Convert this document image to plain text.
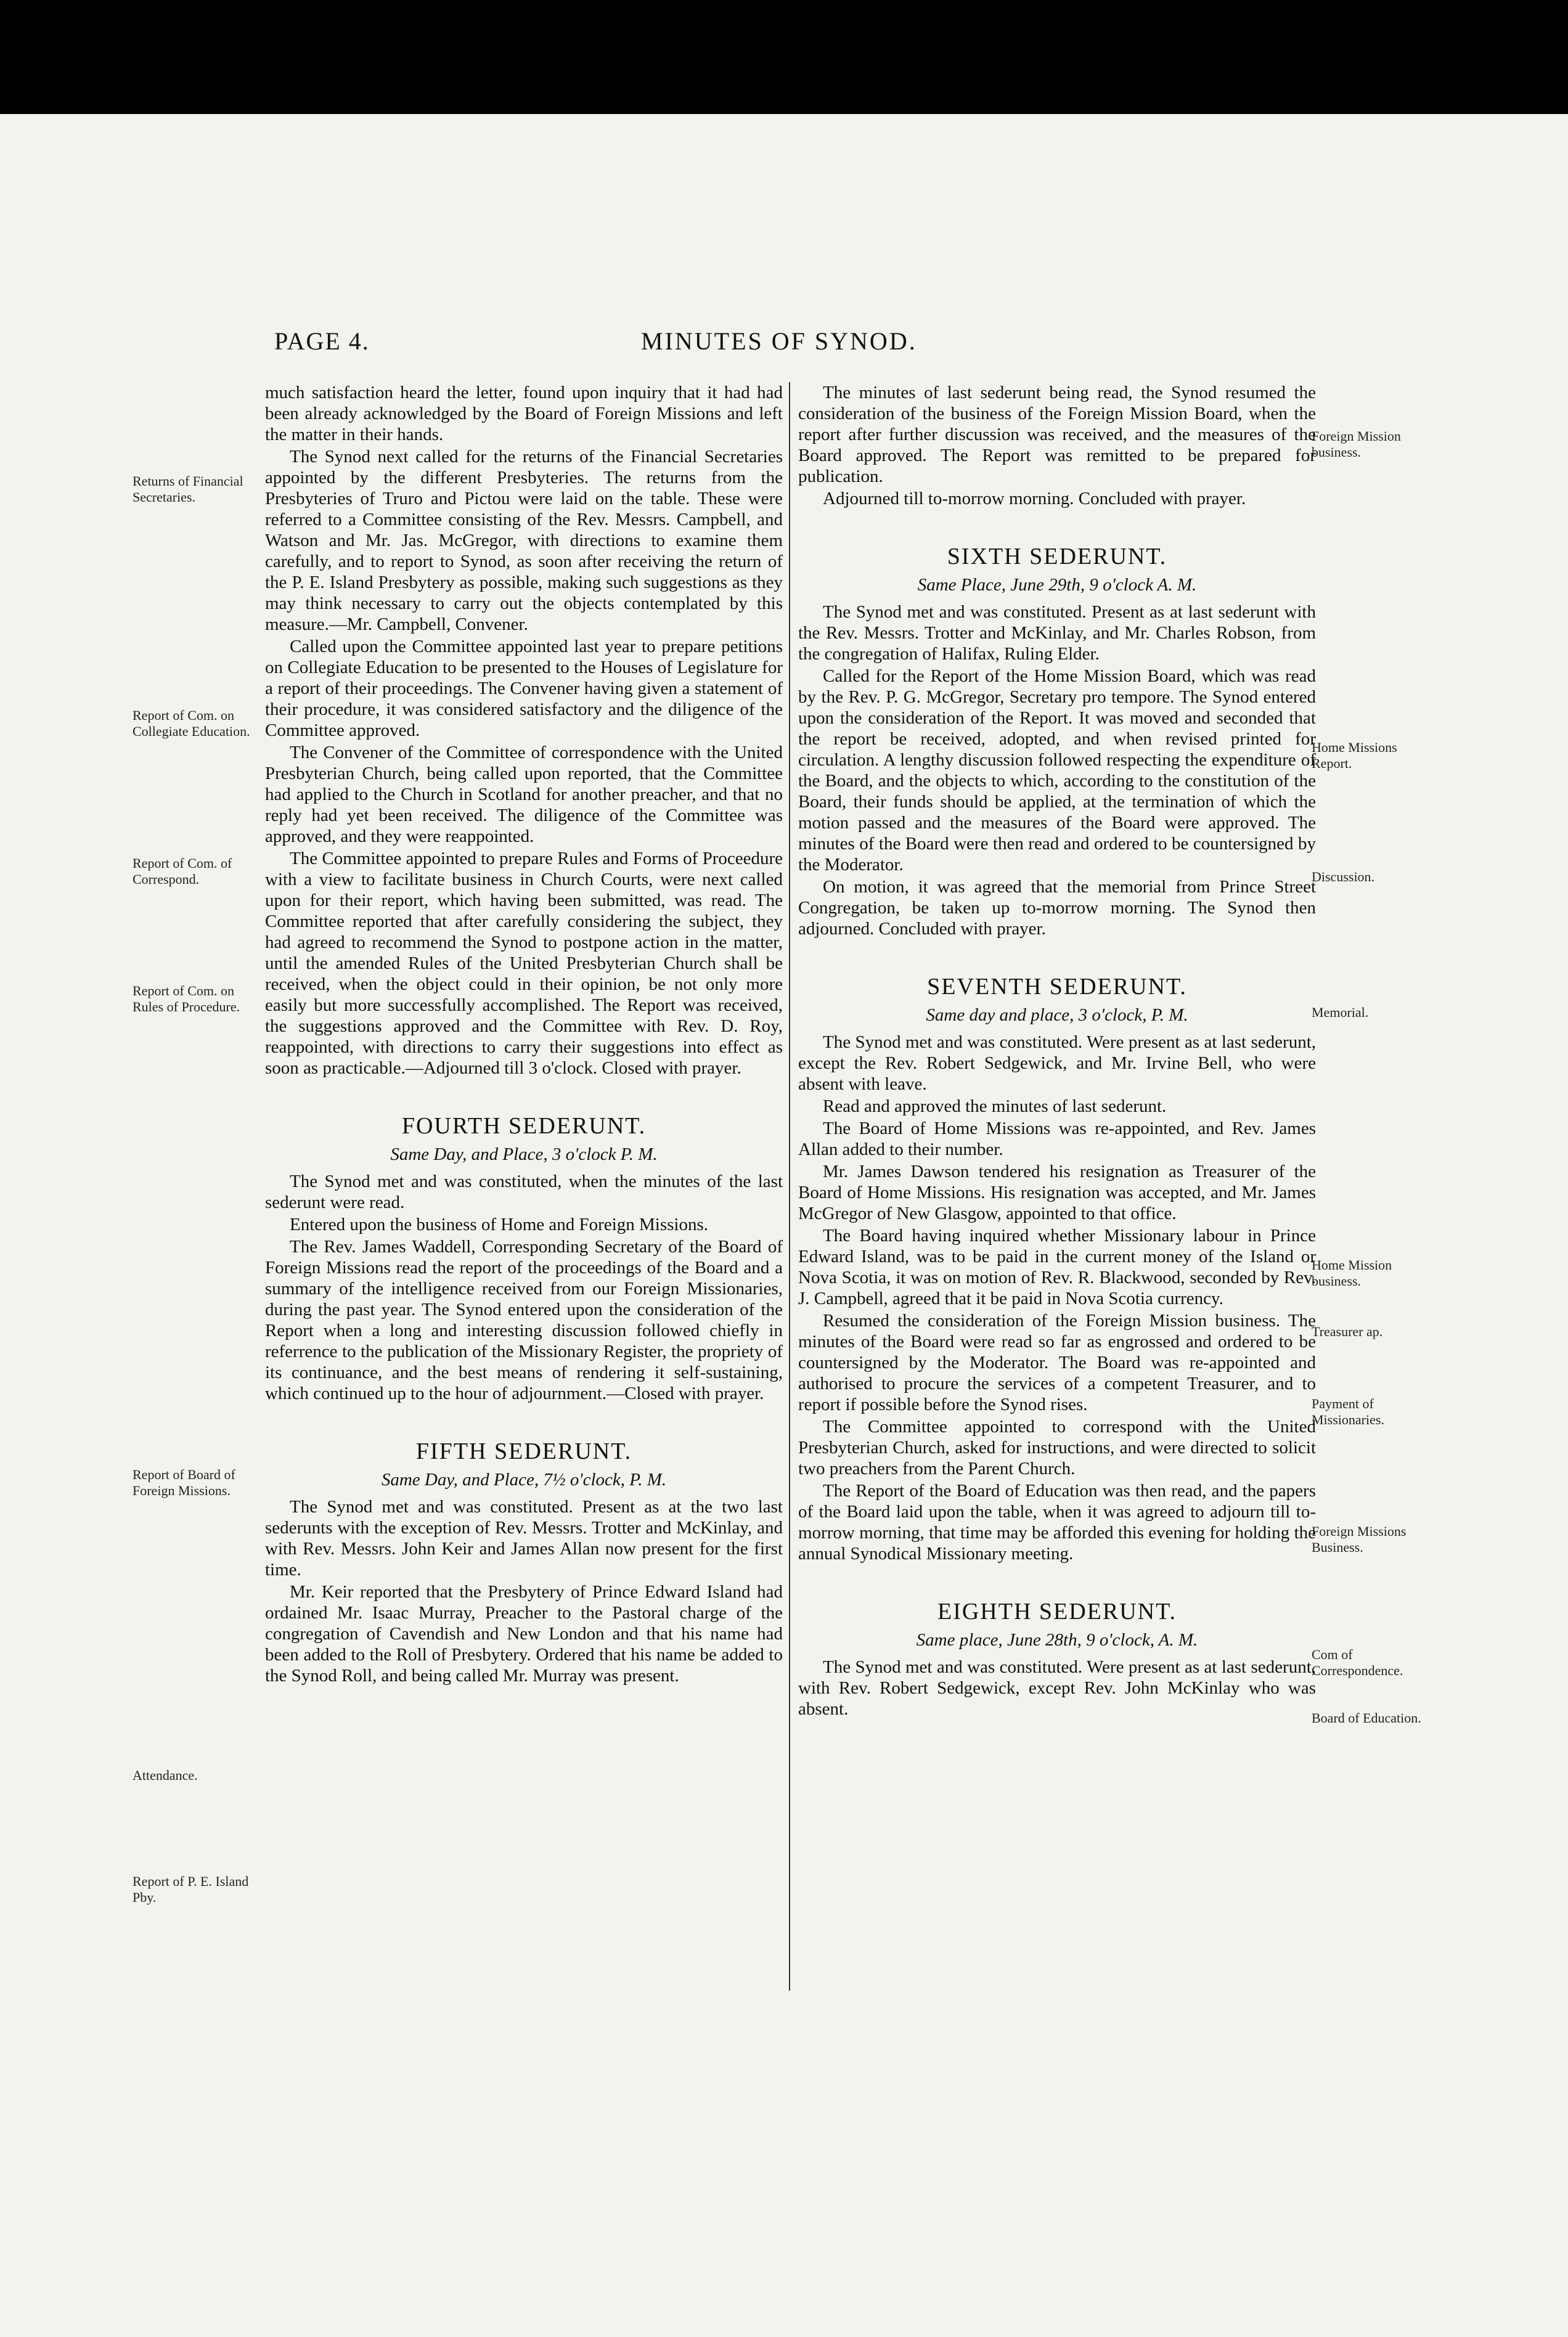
PAGE 4.	MINUTES OF SYNOD.
Returns of Financial Secretaries.
Report of Com. on Collegiate Education.
Report of Com. of Correspond.
Report of Com. on Rules of Procedure.
Report of Board of Foreign Missions.
Attendance.
Report of P. E. Island Pby.
Foreign Mission business.
Home Missions Report.
Discussion.
Memorial.
Home Mission business.
Treasurer ap.
Payment of Missionaries.
Foreign Missions Business.
Com of Correspondence.
Board of Education.

much satisfaction heard the letter, found upon inquiry that it had had been already acknowledged by the Board of Foreign Missions and left the matter in their hands.

The Synod next called for the returns of the Financial Secretaries appointed by the different Presbyteries. The returns from the Presbyteries of Truro and Pictou were laid on the table. These were referred to a Committee consisting of the Rev. Messrs. Campbell, and Watson and Mr. Jas. McGregor, with directions to examine them carefully, and to report to Synod, as soon after receiving the return of the P. E. Island Presbytery as possible, making such suggestions as they may think necessary to carry out the objects contemplated by this measure.—Mr. Campbell, Convener.

Called upon the Committee appointed last year to prepare petitions on Collegiate Education to be presented to the Houses of Legislature for a report of their proceedings. The Convener having given a statement of their procedure, it was considered satisfactory and the diligence of the Committee approved.

The Convener of the Committee of correspondence with the United Presbyterian Church, being called upon reported, that the Committee had applied to the Church in Scotland for another preacher, and that no reply had yet been received. The diligence of the Committee was approved, and they were reappointed.

The Committee appointed to prepare Rules and Forms of Proceedure with a view to facilitate business in Church Courts, were next called upon for their report, which having been submitted, was read. The Committee reported that after carefully considering the subject, they had agreed to recommend the Synod to postpone action in the matter, until the amended Rules of the United Presbyterian Church shall be received, when the object could in their opinion, be not only more easily but more successfully accomplished. The Report was received, the suggestions approved and the Committee with Rev. D. Roy, reappointed, with directions to carry their suggestions into effect as soon as practicable.—Adjourned till 3 o'clock. Closed with prayer.

FOURTH SEDERUNT.
Same Day, and Place, 3 o'clock P. M.

The Synod met and was constituted, when the minutes of the last sederunt were read.

Entered upon the business of Home and Foreign Missions.

The Rev. James Waddell, Corresponding Secretary of the Board of Foreign Missions read the report of the proceedings of the Board and a summary of the intelligence received from our Foreign Missionaries, during the past year. The Synod entered upon the consideration of the Report when a long and interesting discussion followed chiefly in referrence to the publication of the Missionary Register, the propriety of its continuance, and the best means of rendering it self-sustaining, which continued up to the hour of adjournment.—Closed with prayer.

FIFTH SEDERUNT.
Same Day, and Place, 7½ o'clock, P. M.

The Synod met and was constituted. Present as at the two last sederunts with the exception of Rev. Messrs. Trotter and McKinlay, and with Rev. Messrs. John Keir and James Allan now present for the first time.

Mr. Keir reported that the Presbytery of Prince Edward Island had ordained Mr. Isaac Murray, Preacher to the Pastoral charge of the congregation of Cavendish and New London and that his name had been added to the Roll of Presbytery. Ordered that his name be added to the Synod Roll, and being called Mr. Murray was present.

The minutes of last sederunt being read, the Synod resumed the consideration of the business of the Foreign Mission Board, when the report after further discussion was received, and the measures of the Board approved. The Report was remitted to be prepared for publication.

Adjourned till to-morrow morning. Concluded with prayer.

SIXTH SEDERUNT.
Same Place, June 29th, 9 o'clock A. M.

The Synod met and was constituted. Present as at last sederunt with the Rev. Messrs. Trotter and McKinlay, and Mr. Charles Robson, from the congregation of Halifax, Ruling Elder.

Called for the Report of the Home Mission Board, which was read by the Rev. P. G. McGregor, Secretary pro tempore. The Synod entered upon the consideration of the Report. It was moved and seconded that the report be received, adopted, and when revised printed for circulation. A lengthy discussion followed respecting the expenditure of the Board, and the objects to which, according to the constitution of the Board, their funds should be applied, at the termination of which the motion passed and the measures of the Board were approved. The minutes of the Board were then read and ordered to be countersigned by the Moderator.

On motion, it was agreed that the memorial from Prince Street Congregation, be taken up to-morrow morning. The Synod then adjourned. Concluded with prayer.

SEVENTH SEDERUNT.
Same day and place, 3 o'clock, P. M.

The Synod met and was constituted. Were present as at last sederunt, except the Rev. Robert Sedgewick, and Mr. Irvine Bell, who were absent with leave.

Read and approved the minutes of last sederunt.

The Board of Home Missions was re-appointed, and Rev. James Allan added to their number.

Mr. James Dawson tendered his resignation as Treasurer of the Board of Home Missions. His resignation was accepted, and Mr. James McGregor of New Glasgow, appointed to that office.

The Board having inquired whether Missionary labour in Prince Edward Island, was to be paid in the current money of the Island or Nova Scotia, it was on motion of Rev. R. Blackwood, seconded by Rev. J. Campbell, agreed that it be paid in Nova Scotia currency.

Resumed the consideration of the Foreign Mission business. The minutes of the Board were read so far as engrossed and ordered to be countersigned by the Moderator. The Board was re-appointed and authorised to procure the services of a competent Treasurer, and to report if possible before the Synod rises.

The Committee appointed to correspond with the United Presbyterian Church, asked for instructions, and were directed to solicit two preachers from the Parent Church.

The Report of the Board of Education was then read, and the papers of the Board laid upon the table, when it was agreed to adjourn till to-morrow morning, that time may be afforded this evening for holding the annual Synodical Missionary meeting.

EIGHTH SEDERUNT.
Same place, June 28th, 9 o'clock, A. M.

The Synod met and was constituted. Were present as at last sederunt, with Rev. Robert Sedgewick, except Rev. John McKinlay who was absent.
